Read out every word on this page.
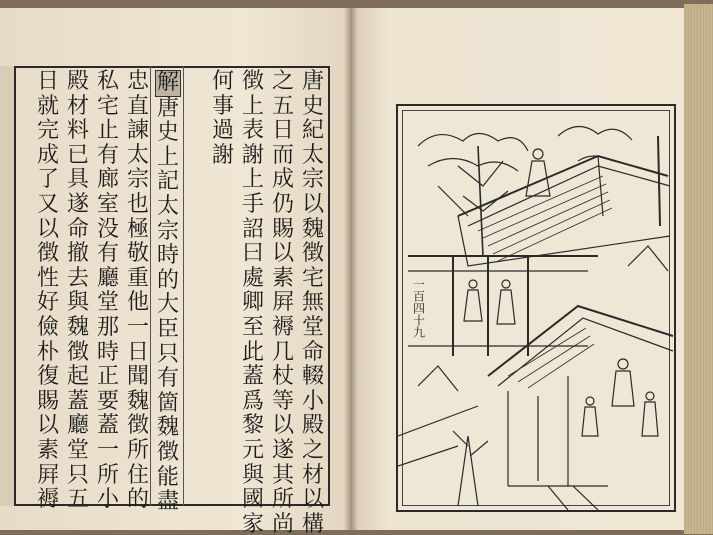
唐
史
紀
太
宗
以
魏
徴
宅
無
堂
命
輟
小
殿
之
材
以
構
之
五
日
而
成
仍
賜
以
素
屛
褥
几
杖
等
以
遂
其
所
尚
徴
上
表
謝
上
手
詔
曰
處
卿
至
此
蓋
爲
黎
元
與
國
家
何
事
過
謝
解
唐
史
上
記
太
宗
時
的
大
臣
只
有
箇
魏
徴
能
盡
忠
直
諫
太
宗
也
極
敬
重
他
一
日
聞
魏
徴
所
住
的
私
宅
止
有
廊
室
没
有
廳
堂
那
時
正
要
蓋
一
所
小
殿
材
料
已
具
遂
命
撤
去
與
魏
徴
起
蓋
廳
堂
只
五
日
就
完
成
了
又
以
徴
性
好
儉
朴
復
賜
以
素
屛
褥
一百四十九
